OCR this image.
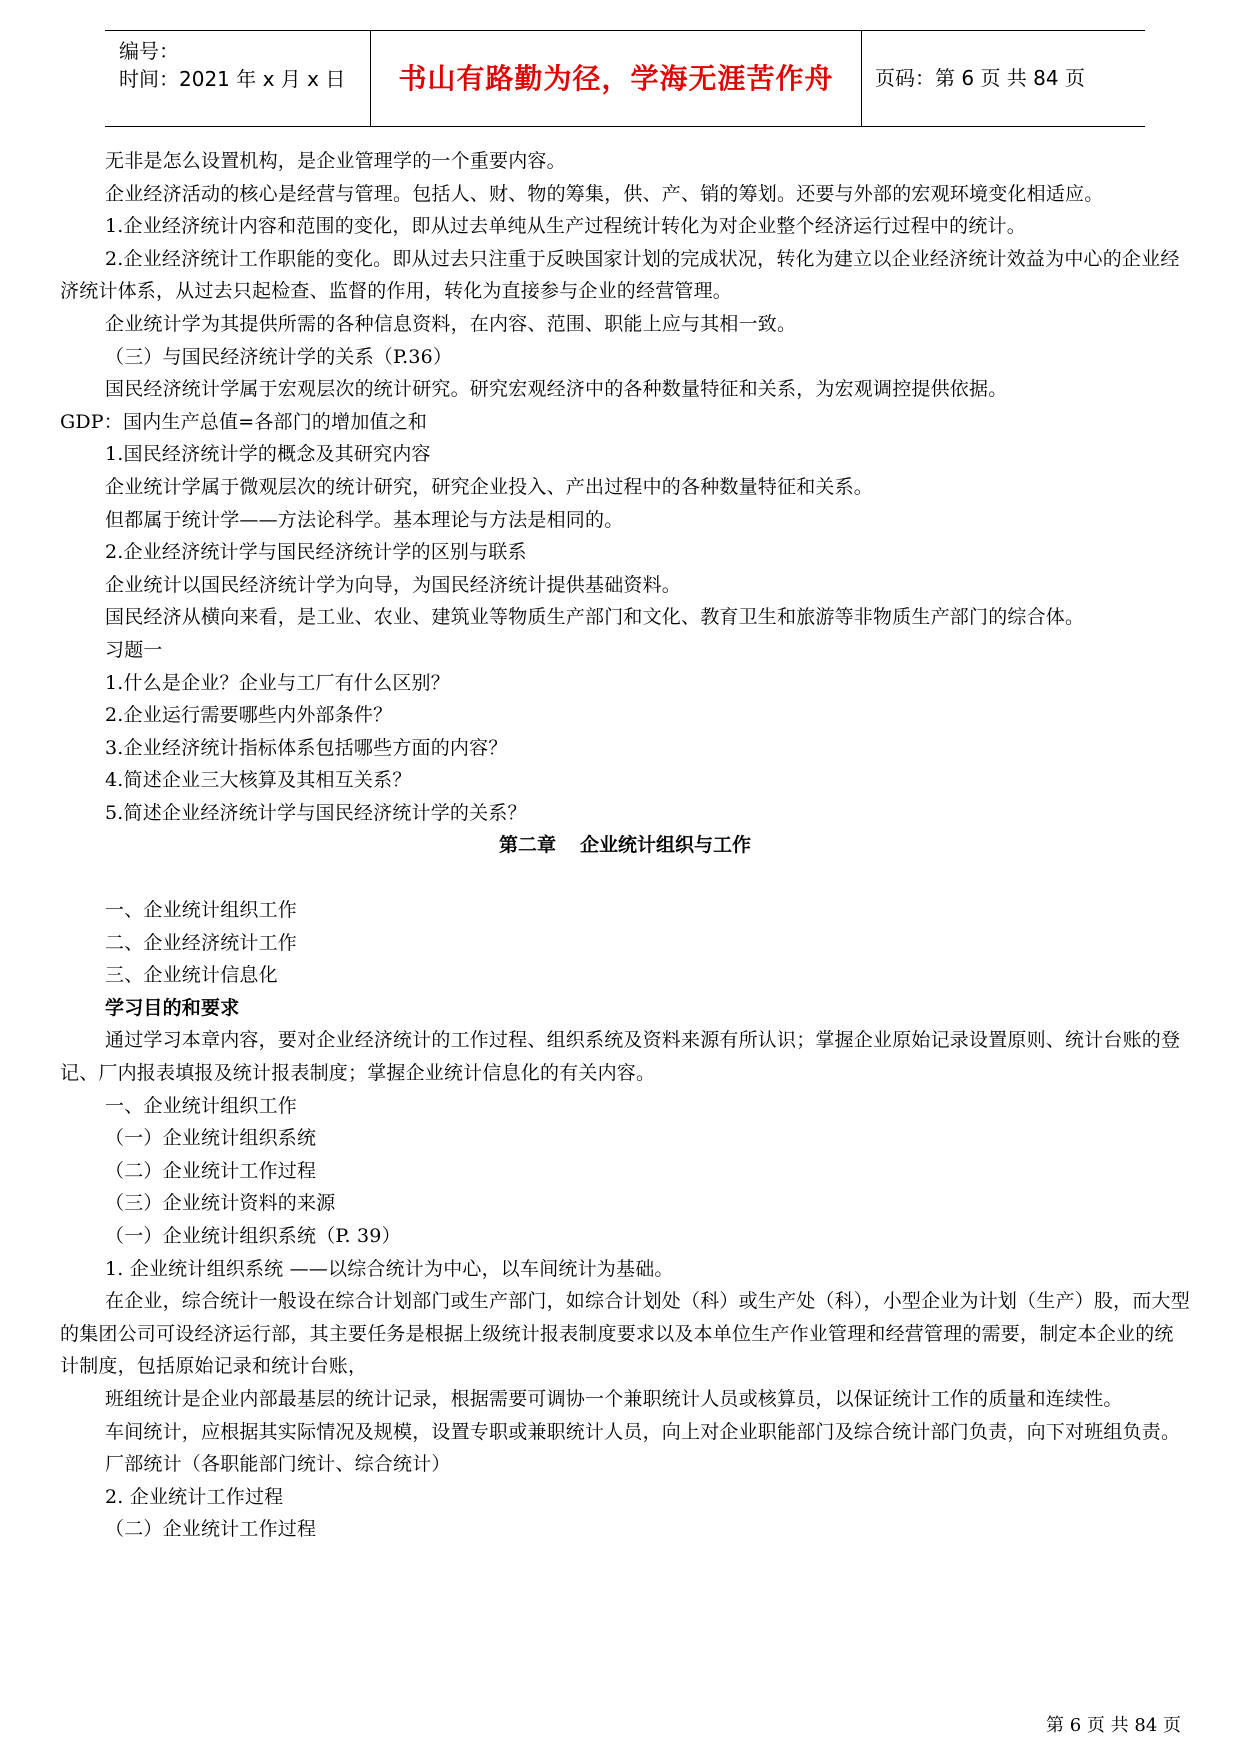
编号：
时间：2021 年 x 月 x 日	书山有路勤为径，学海无涯苦作舟	页码：第 6 页 共 84 页

无非是怎么设置机构，是企业管理学的一个重要内容。

企业经济活动的核心是经营与管理。包括人、财、物的筹集，供、产、销的筹划。还要与外部的宏观环境变化相适应。

1.企业经济统计内容和范围的变化，即从过去单纯从生产过程统计转化为对企业整个经济运行过程中的统计。

2.企业经济统计工作职能的变化。即从过去只注重于反映国家计划的完成状况，转化为建立以企业经济统计效益为中心的企业经济统计体系，从过去只起检查、监督的作用，转化为直接参与企业的经营管理。

企业统计学为其提供所需的各种信息资料，在内容、范围、职能上应与其相一致。

（三）与国民经济统计学的关系（P.36）

国民经济统计学属于宏观层次的统计研究。研究宏观经济中的各种数量特征和关系，为宏观调控提供依据。

GDP：国内生产总值=各部门的增加值之和

1.国民经济统计学的概念及其研究内容

企业统计学属于微观层次的统计研究，研究企业投入、产出过程中的各种数量特征和关系。

但都属于统计学——方法论科学。基本理论与方法是相同的。

2.企业经济统计学与国民经济统计学的区别与联系

企业统计以国民经济统计学为向导，为国民经济统计提供基础资料。

国民经济从横向来看，是工业、农业、建筑业等物质生产部门和文化、教育卫生和旅游等非物质生产部门的综合体。

习题一

1.什么是企业？企业与工厂有什么区别？

2.企业运行需要哪些内外部条件？

3.企业经济统计指标体系包括哪些方面的内容？

4.简述企业三大核算及其相互关系？

5.简述企业经济统计学与国民经济统计学的关系？

第二章 企业统计组织与工作

一、企业统计组织工作

二、企业经济统计工作

三、企业统计信息化

学习目的和要求

通过学习本章内容，要对企业经济统计的工作过程、组织系统及资料来源有所认识；掌握企业原始记录设置原则、统计台账的登记、厂内报表填报及统计报表制度；掌握企业统计信息化的有关内容。

一、企业统计组织工作

（一）企业统计组织系统

（二）企业统计工作过程

（三）企业统计资料的来源

（一）企业统计组织系统（P. 39）

1. 企业统计组织系统 ——以综合统计为中心，以车间统计为基础。

在企业，综合统计一般设在综合计划部门或生产部门，如综合计划处（科）或生产处（科），小型企业为计划（生产）股，而大型的集团公司可设经济运行部，其主要任务是根据上级统计报表制度要求以及本单位生产作业管理和经营管理的需要，制定本企业的统计制度，包括原始记录和统计台账，

班组统计是企业内部最基层的统计记录，根据需要可调协一个兼职统计人员或核算员，以保证统计工作的质量和连续性。

车间统计，应根据其实际情况及规模，设置专职或兼职统计人员，向上对企业职能部门及综合统计部门负责，向下对班组负责。

厂部统计（各职能部门统计、综合统计）

2. 企业统计工作过程

（二）企业统计工作过程

第 6 页 共 84 页
